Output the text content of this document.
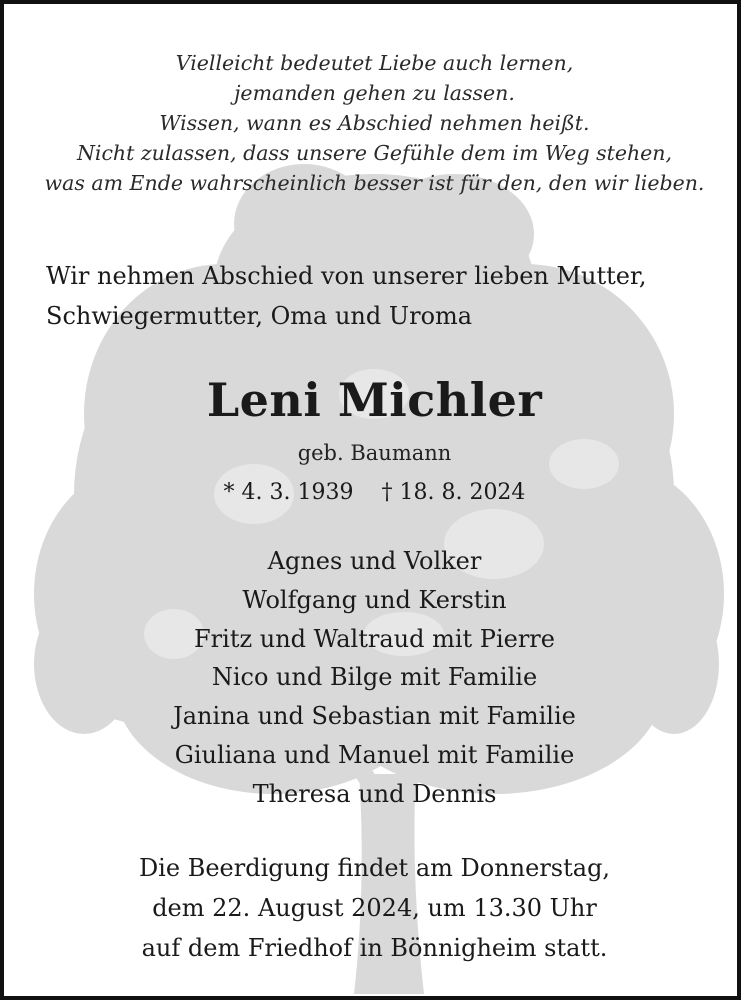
Vielleicht bedeutet Liebe auch lernen,
jemanden gehen zu lassen.
Wissen, wann es Abschied nehmen heißt.
Nicht zulassen, dass unsere Gefühle dem im Weg stehen,
was am Ende wahrscheinlich besser ist für den, den wir lieben.
Wir nehmen Abschied von unserer lieben Mutter,
Schwiegermutter, Oma und Uroma
Leni Michler
geb. Baumann
* 4. 3. 1939 † 18. 8. 2024
Agnes und Volker
Wolfgang und Kerstin
Fritz und Waltraud mit Pierre
Nico und Bilge mit Familie
Janina und Sebastian mit Familie
Giuliana und Manuel mit Familie
Theresa und Dennis
Die Beerdigung findet am Donnerstag,
dem 22. August 2024, um 13.30 Uhr
auf dem Friedhof in Bönnigheim statt.
